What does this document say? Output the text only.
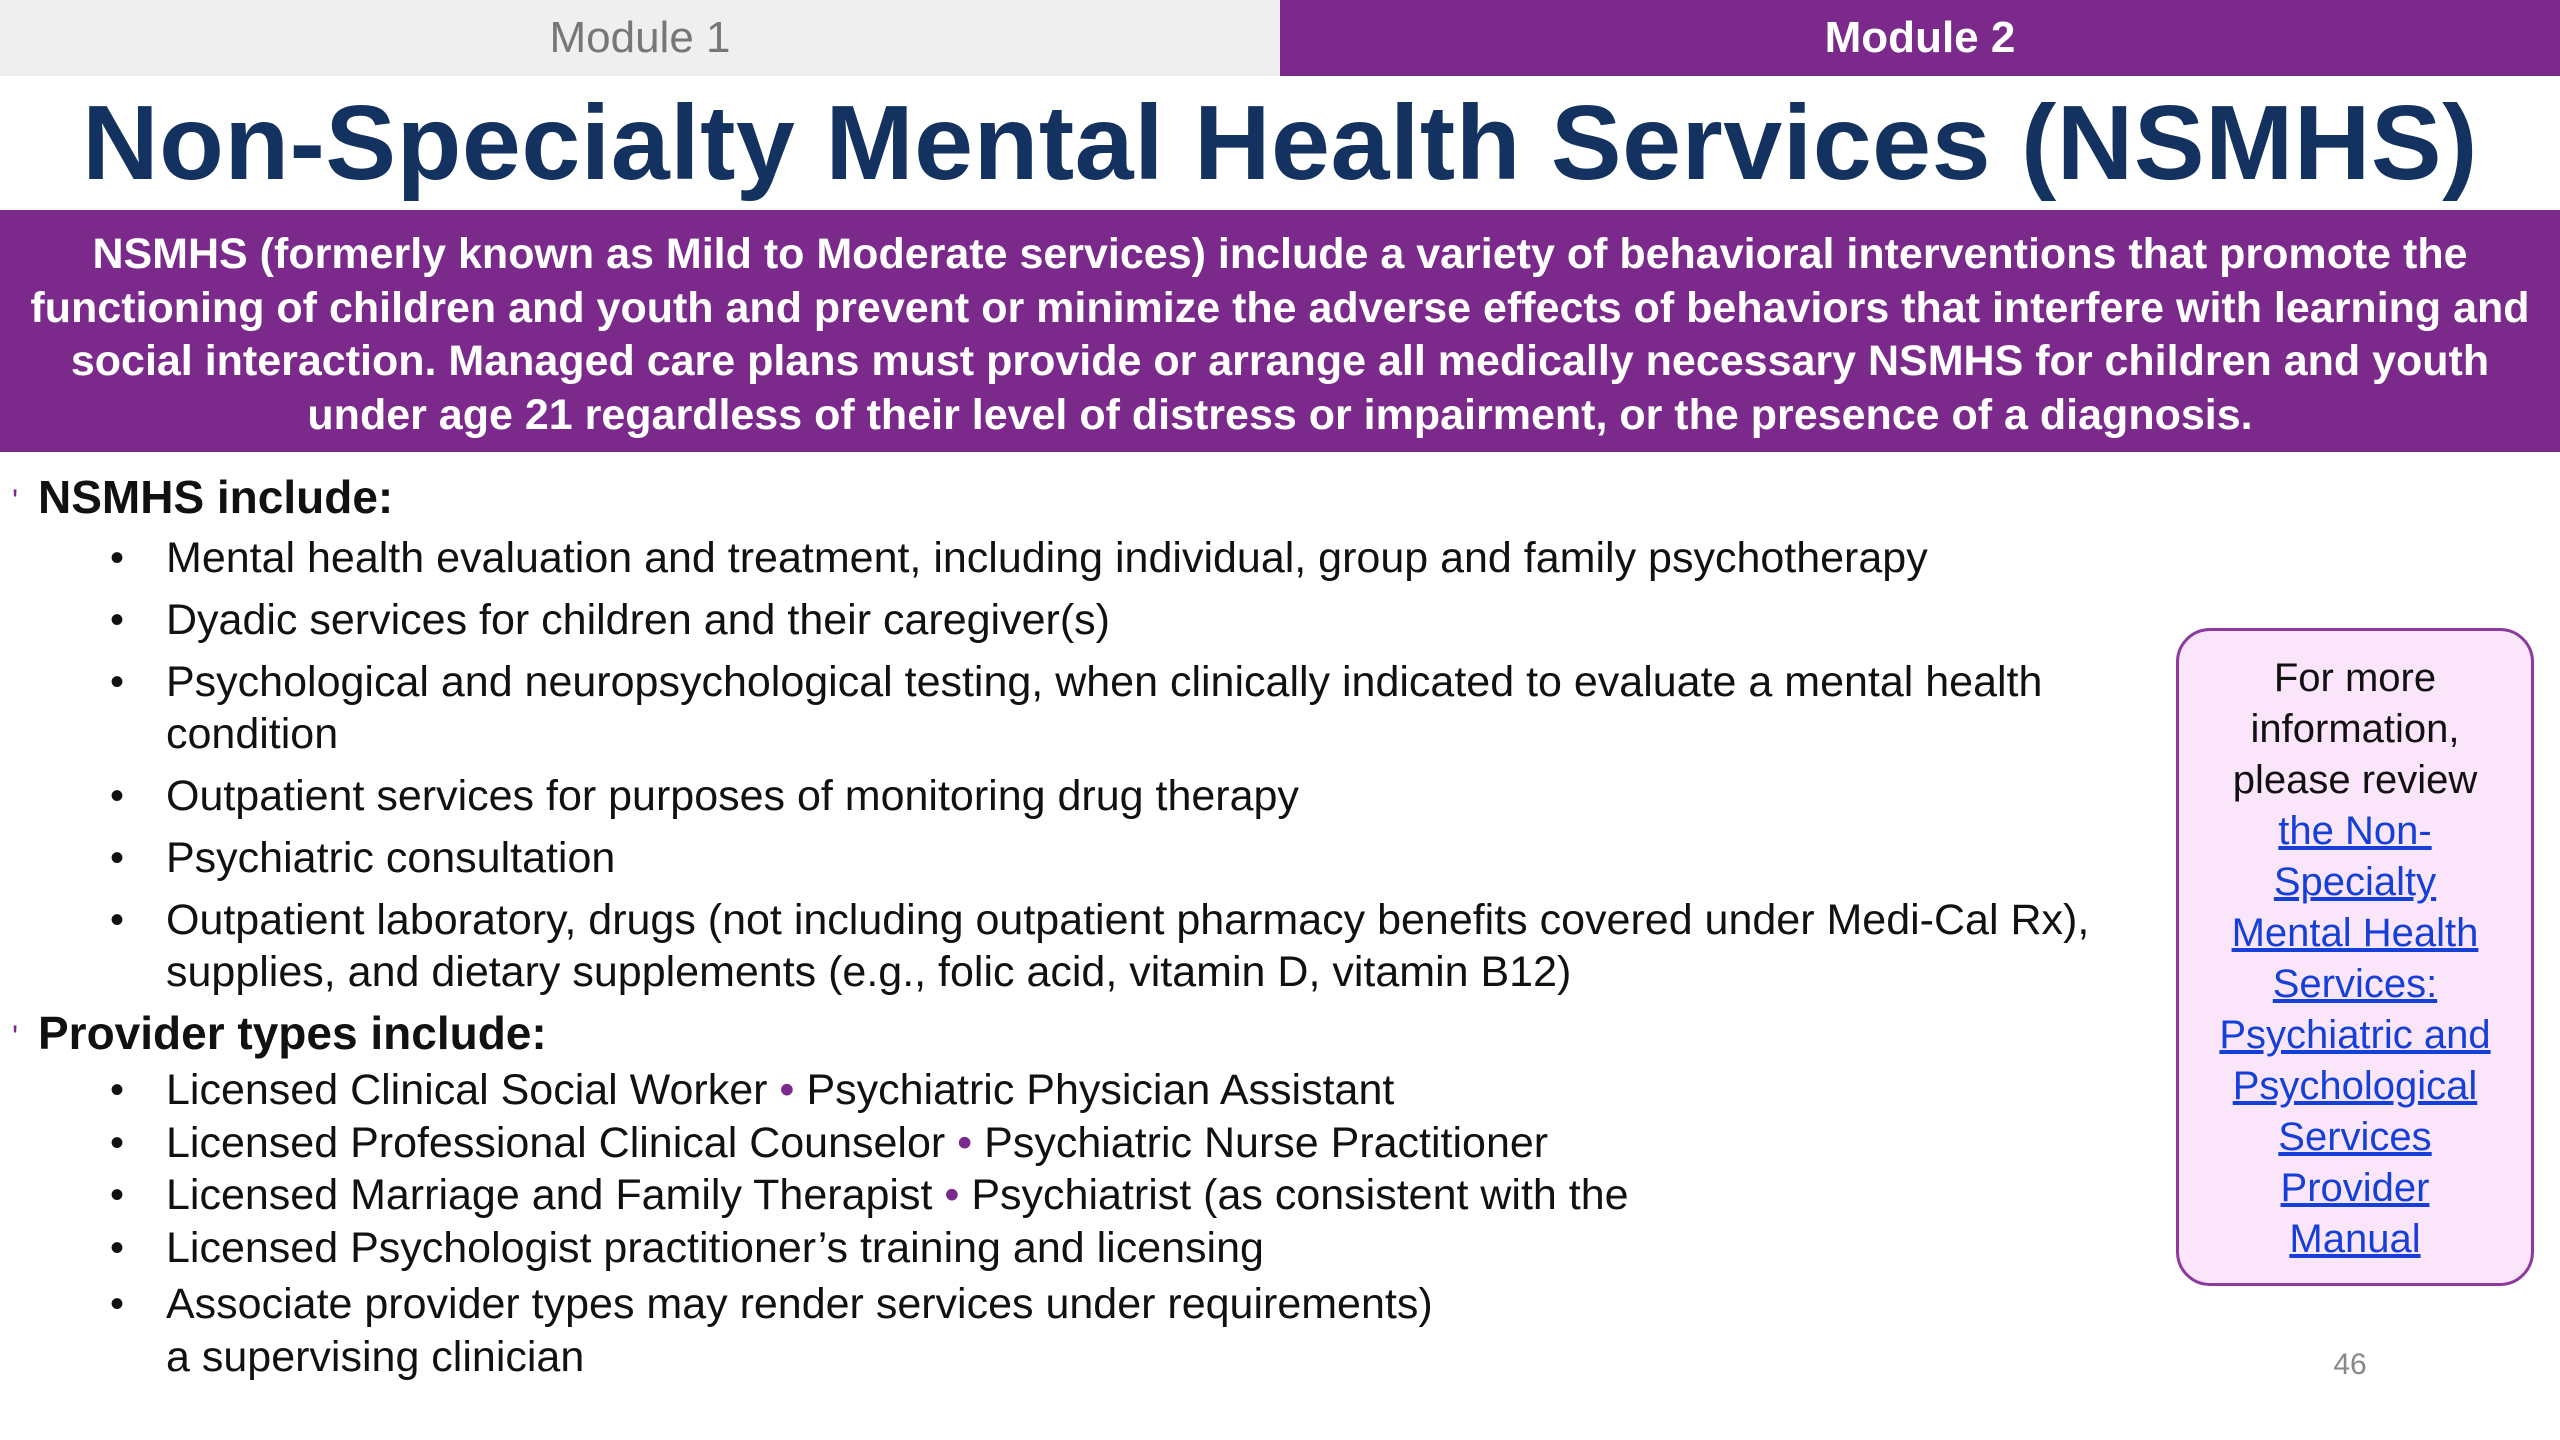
Module 1	Module 2
Non-Specialty Mental Health Services (NSMHS)
NSMHS (formerly known as Mild to Moderate services) include a variety of behavioral interventions that promote the functioning of children and youth and prevent or minimize the adverse effects of behaviors that interfere with learning and social interaction. Managed care plans must provide or arrange all medically necessary NSMHS for children and youth under age 21 regardless of their level of distress or impairment, or the presence of a diagnosis.
' NSMHS include:
• Mental health evaluation and treatment, including individual, group and family psychotherapy
• Dyadic services for children and their caregiver(s)
• Psychological and neuropsychological testing, when clinically indicated to evaluate a mental health condition
• Outpatient services for purposes of monitoring drug therapy
• Psychiatric consultation
• Outpatient laboratory, drugs (not including outpatient pharmacy benefits covered under Medi-Cal Rx), supplies, and dietary supplements (e.g., folic acid, vitamin D, vitamin B12)
' Provider types include:
• Licensed Clinical Social Worker • Psychiatric Physician Assistant
• Licensed Professional Clinical Counselor • Psychiatric Nurse Practitioner
• Licensed Marriage and Family Therapist • Psychiatrist (as consistent with the
• Licensed Psychologist practitioner’s training and licensing
• Associate provider types may render services under requirements)
a supervising clinician
For more
information,
please review
the Non-
Specialty
Mental Health
Services:
Psychiatric and
Psychological
Services
Provider
Manual
46
